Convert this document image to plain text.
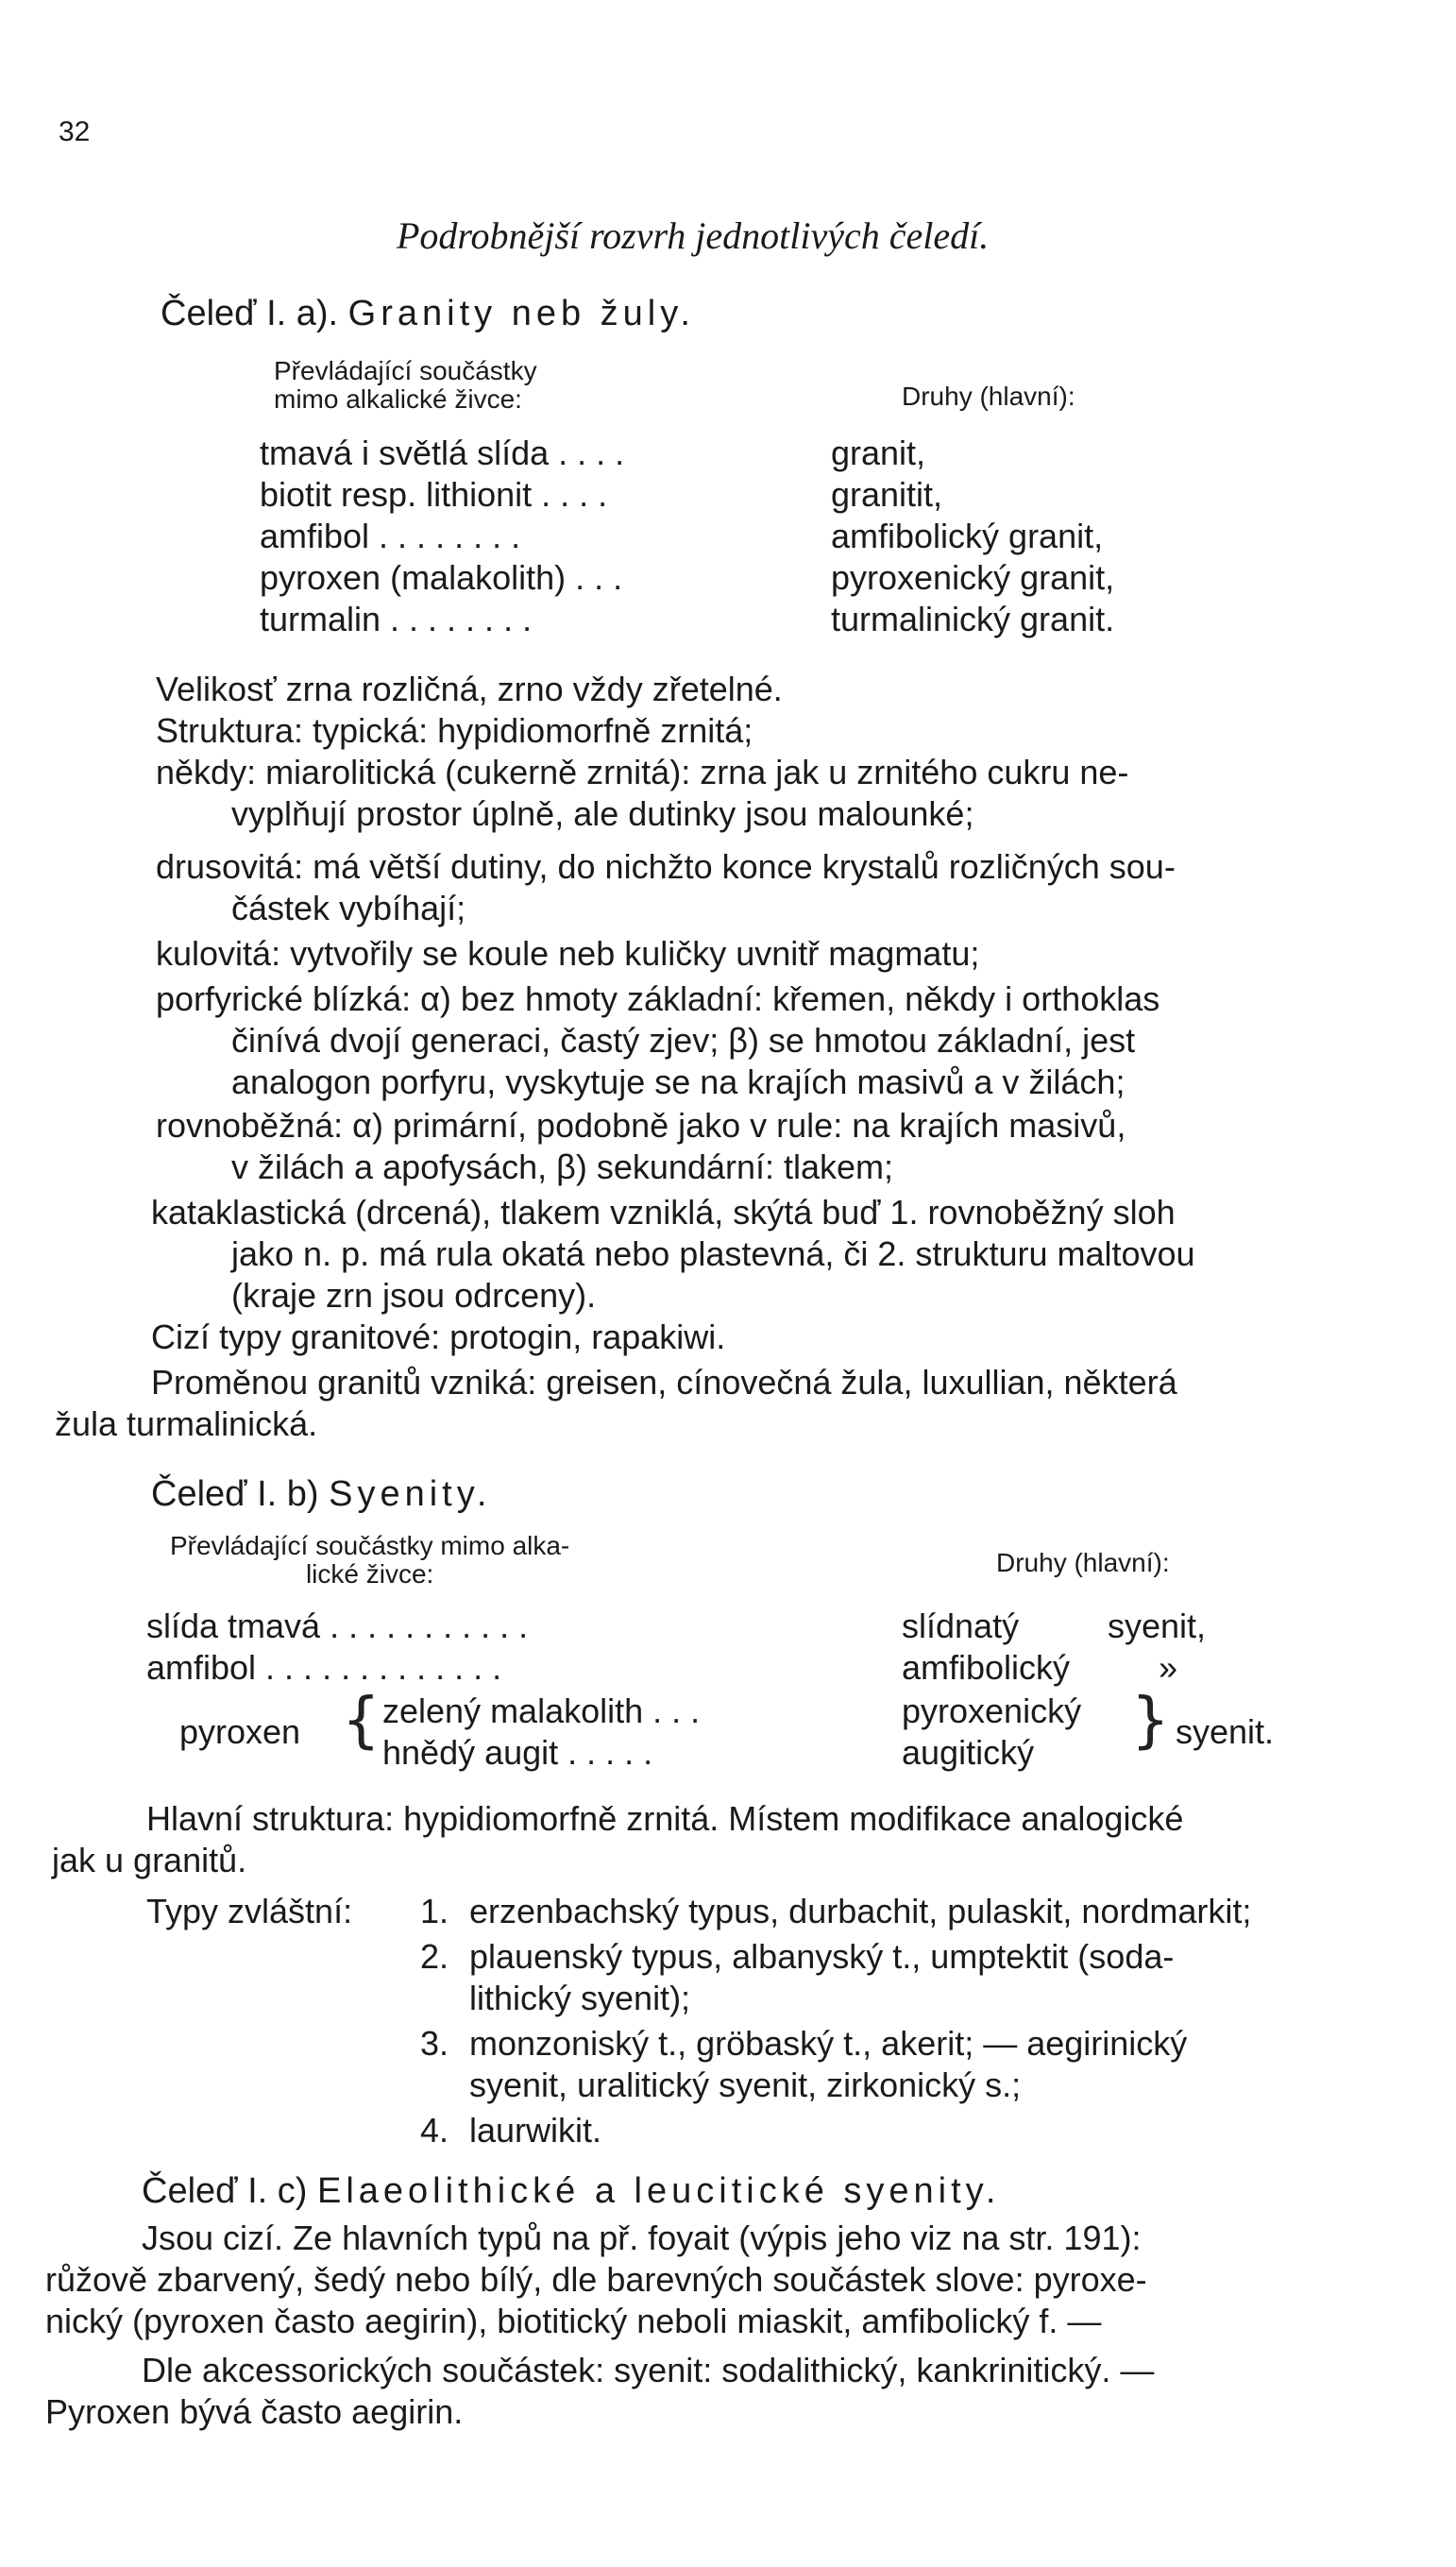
32
Podrobnější rozvrh jednotlivých čeledí.
Čeleď I. a). Granity neb žuly.
Převládající součástky
mimo alkalické živce:	Druhy (hlavní):
tmavá i světlá slída . . . .	granit,
biotit resp. lithionit . . . .	granitit,
amfibol . . . . . . . .	amfibolický granit,
pyroxen (malakolith) . . .	pyroxenický granit,
turmalin . . . . . . . .	turmalinický granit.
Velikosť zrna rozličná, zrno vždy zřetelné.
Struktura: typická: hypidiomorfně zrnitá;
někdy: miarolitická (cukerně zrnitá): zrna jak u zrnitého cukru ne-
vyplňují prostor úplně, ale dutinky jsou malounké;
drusovitá: má větší dutiny, do nichžto konce krystalů rozličných sou-
částek vybíhají;
kulovitá: vytvořily se koule neb kuličky uvnitř magmatu;
porfyrické blízká: α) bez hmoty základní: křemen, někdy i orthoklas
činívá dvojí generaci, častý zjev; β) se hmotou základní, jest
analogon porfyru, vyskytuje se na krajích masivů a v žilách;
rovnoběžná: α) primární, podobně jako v rule: na krajích masivů,
v žilách a apofysách, β) sekundární: tlakem;
kataklastická (drcená), tlakem vzniklá, skýtá buď 1. rovnoběžný sloh
jako n. p. má rula okatá nebo plastevná, či 2. strukturu maltovou
(kraje zrn jsou odrceny).
Cizí typy granitové: protogin, rapakiwi.
Proměnou granitů vzniká: greisen, cínovečná žula, luxullian, některá
žula turmalinická.
Čeleď I. b) Syenity.
Převládající součástky mimo alka-
lické živce:	Druhy (hlavní):
slída tmavá . . . . . . . . . . .	slídnatý	syenit,
amfibol . . . . . . . . . . . . .	amfibolický	»
pyroxen { zelený malakolith . . .	pyroxenický
hnědý augit . . . . .	augitický } syenit.
Hlavní struktura: hypidiomorfně zrnitá. Místem modifikace analogické
jak u granitů.
Typy zvláštní: 1. erzenbachský typus, durbachit, pulaskit, nordmarkit;
2. plauenský typus, albanyský t., umptektit (soda-
lithický syenit);
3. monzoniský t., gröbaský t., akerit; — aegirinický
syenit, uralitický syenit, zirkonický s.;
4. laurwikit.
Čeleď I. c) Elaeolithické a leucitické syenity.
Jsou cizí. Ze hlavních typů na př. foyait (výpis jeho viz na str. 191):
růžově zbarvený, šedý nebo bílý, dle barevných součástek slove: pyroxe-
nický (pyroxen často aegirin), biotitický neboli miaskit, amfibolický f. —
Dle akcessorických součástek: syenit: sodalithický, kankrinitický. —
Pyroxen bývá často aegirin.
